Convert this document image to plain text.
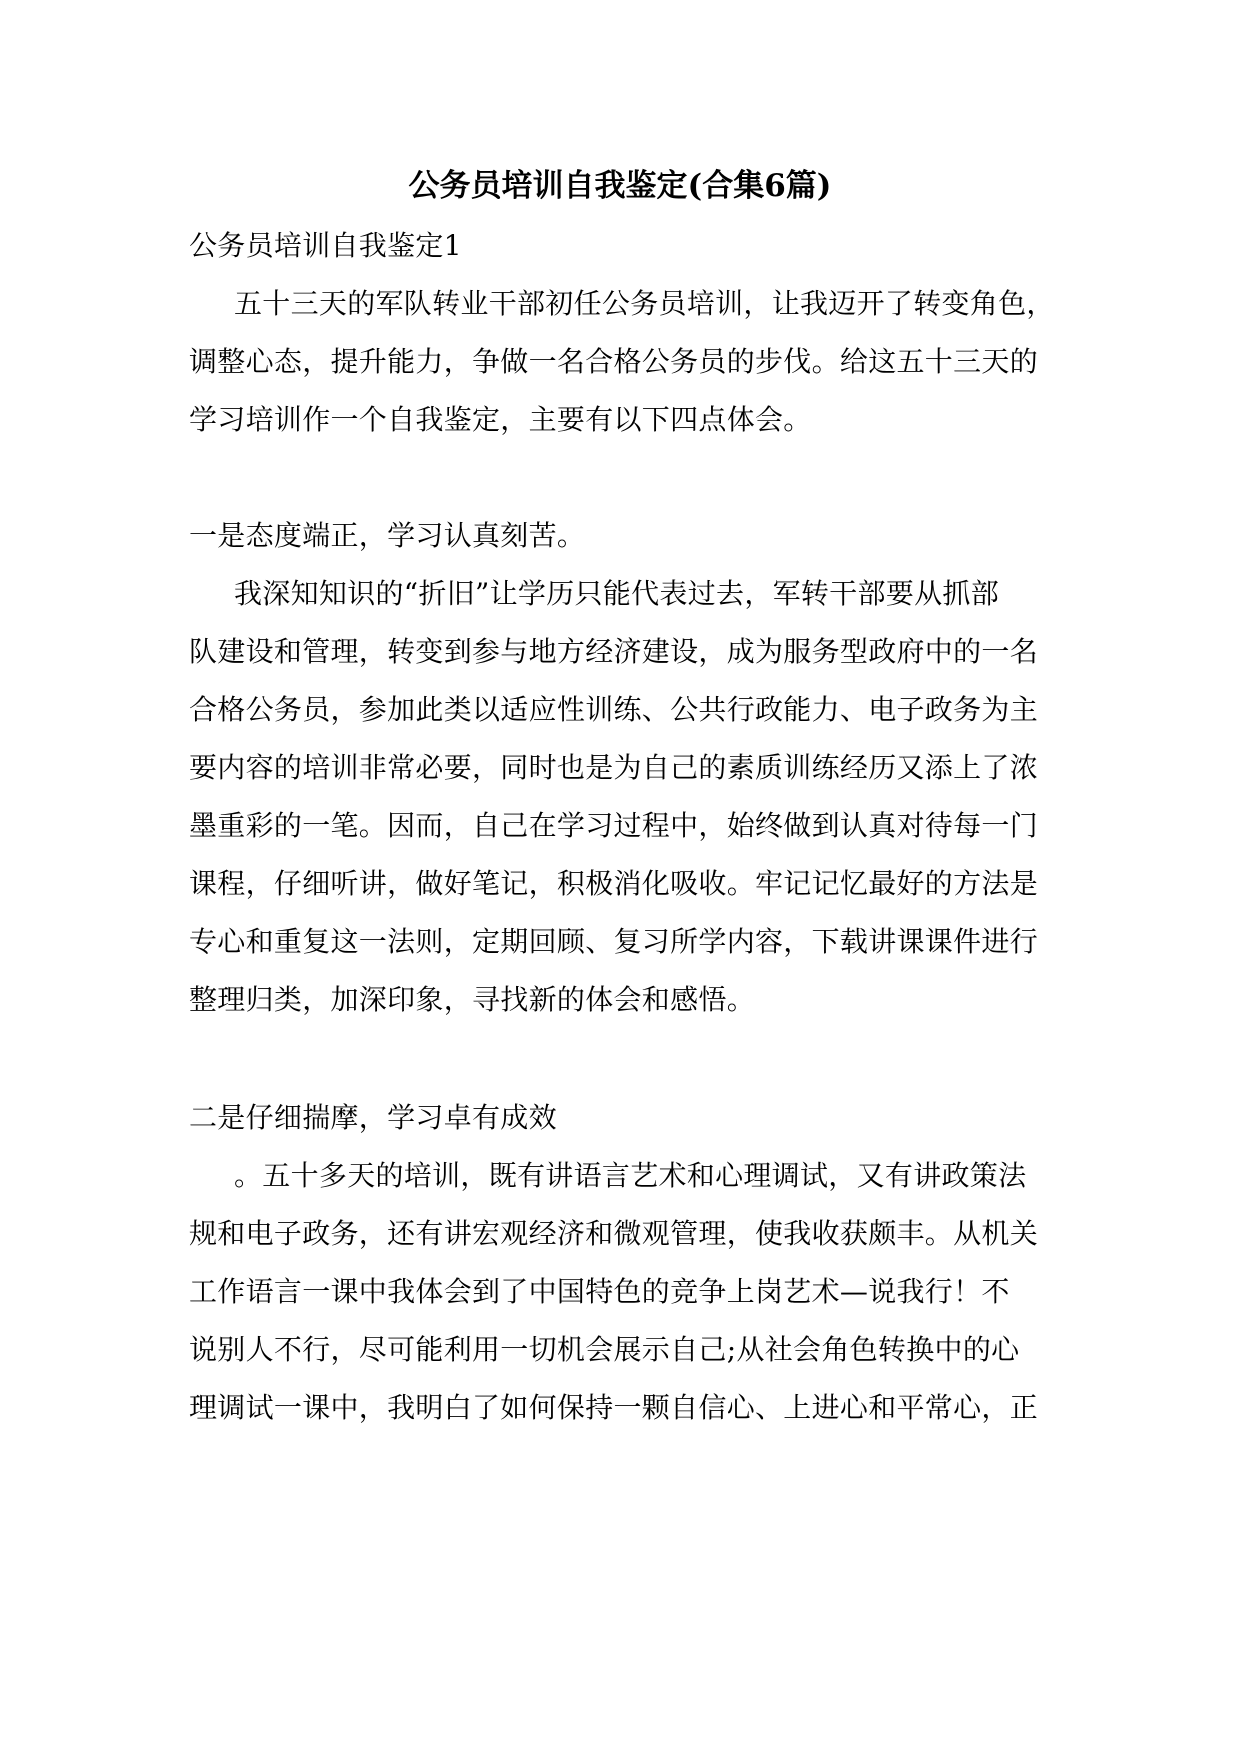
公务员培训自我鉴定(合集6篇)
公务员培训自我鉴定1
五十三天的军队转业干部初任公务员培训，让我迈开了转变角色，
调整心态，提升能力，争做一名合格公务员的步伐。给这五十三天的
学习培训作一个自我鉴定，主要有以下四点体会。
一是态度端正，学习认真刻苦。
我深知知识的“折旧”让学历只能代表过去，军转干部要从抓部
队建设和管理，转变到参与地方经济建设，成为服务型政府中的一名
合格公务员，参加此类以适应性训练、公共行政能力、电子政务为主
要内容的培训非常必要，同时也是为自己的素质训练经历又添上了浓
墨重彩的一笔。因而，自己在学习过程中，始终做到认真对待每一门
课程，仔细听讲，做好笔记，积极消化吸收。牢记记忆最好的方法是
专心和重复这一法则，定期回顾、复习所学内容，下载讲课课件进行
整理归类，加深印象，寻找新的体会和感悟。
二是仔细揣摩，学习卓有成效
。五十多天的培训，既有讲语言艺术和心理调试，又有讲政策法
规和电子政务，还有讲宏观经济和微观管理，使我收获颇丰。从机关
工作语言一课中我体会到了中国特色的竞争上岗艺术—说我行！不
说别人不行，尽可能利用一切机会展示自己;从社会角色转换中的心
理调试一课中，我明白了如何保持一颗自信心、上进心和平常心，正
